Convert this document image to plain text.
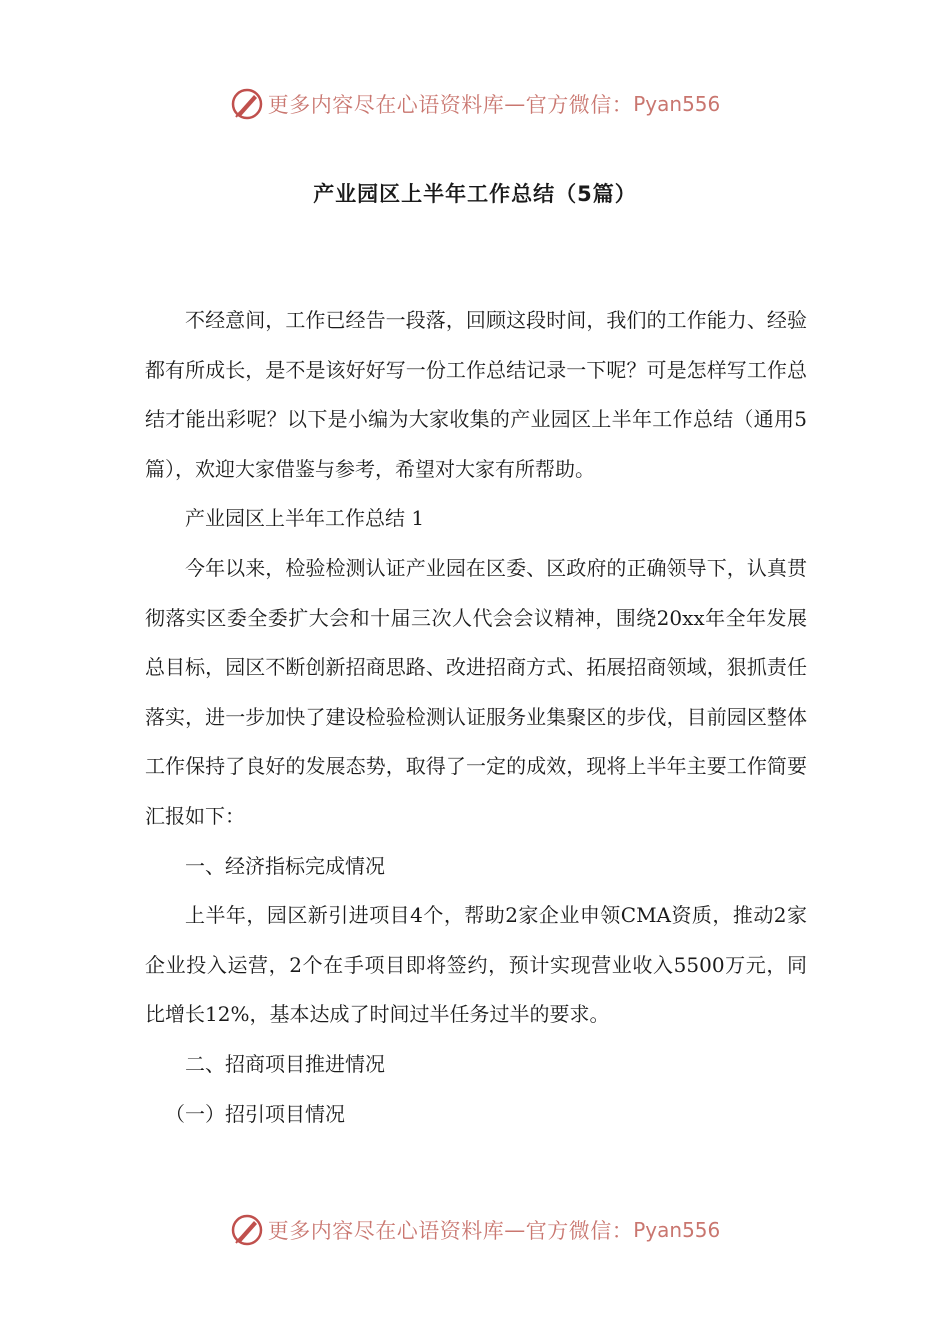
更多内容尽在心语资料库 — 官方微信： Pyan556
产业园区上半年工作总结（5篇）

不经意间，工作已经告一段落，回顾这段时间，我们的工作能力、经验都有所成长，是不是该好好写一份工作总结记录一下呢？可是怎样写工作总结才能出彩呢？以下是小编为大家收集的产业园区上半年工作总结（通用5篇），欢迎大家借鉴与参考，希望对大家有所帮助。

产业园区上半年工作总结 1

今年以来，检验检测认证产业园在区委、区政府的正确领导下，认真贯彻落实区委全委扩大会和十届三次人代会会议精神，围绕20xx年全年发展总目标，园区不断创新招商思路、改进招商方式、拓展招商领域，狠抓责任落实，进一步加快了建设检验检测认证服务业集聚区的步伐，目前园区整体工作保持了良好的发展态势，取得了一定的成效，现将上半年主要工作简要汇报如下：

一、经济指标完成情况

上半年，园区新引进项目4个，帮助2家企业申领CMA资质，推动2家企业投入运营，2个在手项目即将签约，预计实现营业收入5500万元，同比增长12%，基本达成了时间过半任务过半的要求。

二、招商项目推进情况

（一）招引项目情况

更多内容尽在心语资料库 — 官方微信： Pyan556
